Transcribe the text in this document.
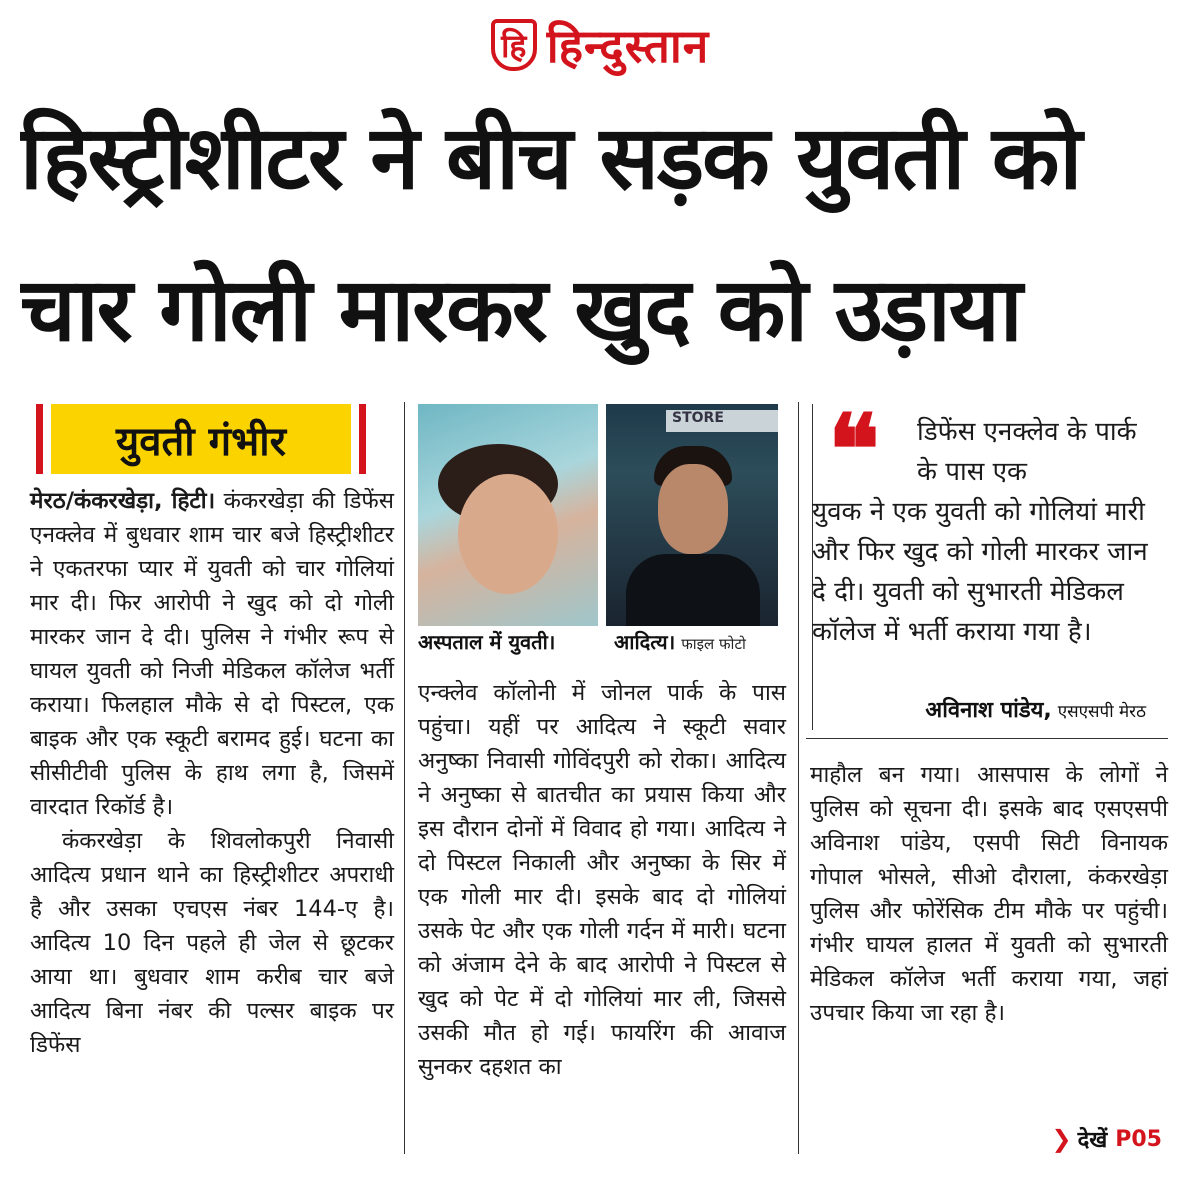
हि हिन्दुस्तान
हिस्ट्रीशीटर ने बीच सड़क युवती को
चार गोली मारकर खुद को उड़ाया
युवती गंभीर

मेरठ/कंकरखेड़ा, हिटी। कंकरखेड़ा की डिफेंस एनक्लेव में बुधवार शाम चार बजे हिस्ट्रीशीटर ने एकतरफा प्यार में युवती को चार गोलियां मार दी। फिर आरोपी ने खुद को दो गोली मारकर जान दे दी। पुलिस ने गंभीर रूप से घायल युवती को निजी मेडिकल कॉलेज भर्ती कराया। फिलहाल मौके से दो पिस्टल, एक बाइक और एक स्कूटी बरामद हुई। घटना का सीसीटीवी पुलिस के हाथ लगा है, जिसमें वारदात रिकॉर्ड है।

कंकरखेड़ा के शिवलोकपुरी निवासी आदित्य प्रधान थाने का हिस्ट्रीशीटर अपराधी है और उसका एचएस नंबर 144-ए है। आदित्य 10 दिन पहले ही जेल से छूटकर आया था। बुधवार शाम करीब चार बजे आदित्य बिना नंबर की पल्सर बाइक पर डिफेंस

STORE
अस्पताल में युवती।	आदित्य। फाइल फोटो

एन्क्लेव कॉलोनी में जोनल पार्क के पास पहुंचा। यहीं पर आदित्य ने स्कूटी सवार अनुष्का निवासी गोविंदपुरी को रोका। आदित्य ने अनुष्का से बातचीत का प्रयास किया और इस दौरान दोनों में विवाद हो गया। आदित्य ने दो पिस्टल निकाली और अनुष्का के सिर में एक गोली मार दी। इसके बाद दो गोलियां उसके पेट और एक गोली गर्दन में मारी। घटना को अंजाम देने के बाद आरोपी ने पिस्टल से खुद को पेट में दो गोलियां मार ली, जिससे उसकी मौत हो गई। फायरिंग की आवाज सुनकर दहशत का

❝	डिफेंस एनक्लेव के पार्क के पास एक
युवक ने एक युवती को गोलियां मारी और फिर खुद को गोली मारकर जान दे दी। युवती को सुभारती मेडिकल कॉलेज में भर्ती कराया गया है।
अविनाश पांडेय, एसएसपी मेरठ

माहौल बन गया। आसपास के लोगों ने पुलिस को सूचना दी। इसके बाद एसएसपी अविनाश पांडेय, एसपी सिटी विनायक गोपाल भोसले, सीओ दौराला, कंकरखेड़ा पुलिस और फोरेंसिक टीम मौके पर पहुंची। गंभीर घायल हालत में युवती को सुभारती मेडिकल कॉलेज भर्ती कराया गया, जहां उपचार किया जा रहा है।

❯ देखें P05
